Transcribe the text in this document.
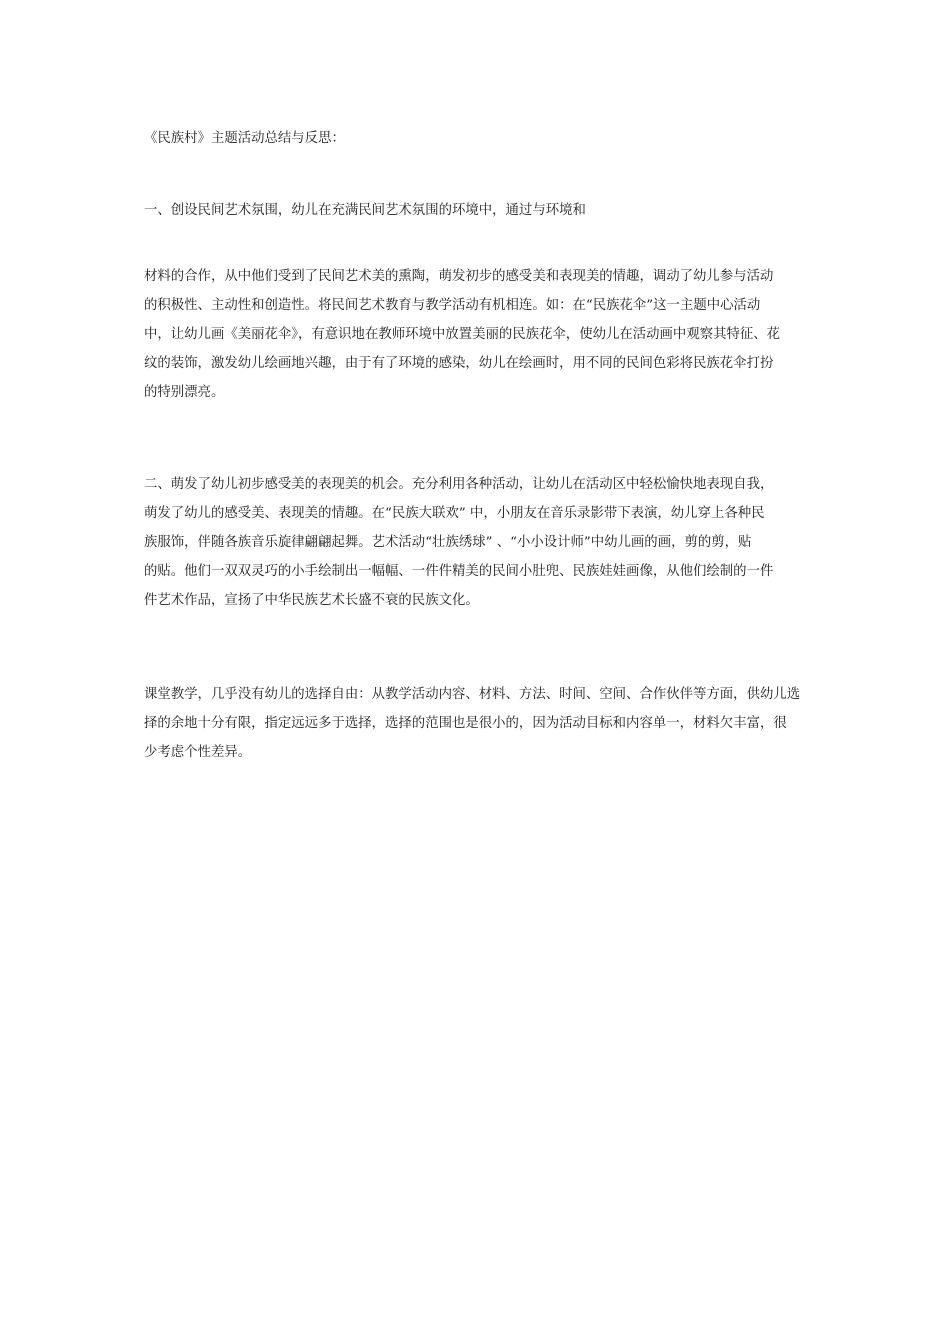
《民族村》主题活动总结与反思：

一、创设民间艺术氛围，幼儿在充满民间艺术氛围的环境中，通过与环境和

材料的合作，从中他们受到了民间艺术美的熏陶，萌发初步的感受美和表现美的情趣，调动了幼儿参与活动
的积极性、主动性和创造性。将民间艺术教育与教学活动有机相连。如：在“民族花伞”这一主题中心活动
中，让幼儿画《美丽花伞》，有意识地在教师环境中放置美丽的民族花伞，使幼儿在活动画中观察其特征、花
纹的装饰，激发幼儿绘画地兴趣，由于有了环境的感染，幼儿在绘画时，用不同的民间色彩将民族花伞打扮
的特别漂亮。

二、萌发了幼儿初步感受美的表现美的机会。充分利用各种活动，让幼儿在活动区中轻松愉快地表现自我，
萌发了幼儿的感受美、表现美的情趣。在“民族大联欢” 中，小朋友在音乐录影带下表演，幼儿穿上各种民
族服饰，伴随各族音乐旋律翩翩起舞。艺术活动“壮族绣球” 、“小小设计师”中幼儿画的画，剪的剪，贴
的贴。他们一双双灵巧的小手绘制出一幅幅、一件件精美的民间小肚兜、民族娃娃画像，从他们绘制的一件
件艺术作品，宣扬了中华民族艺术长盛不衰的民族文化。

课堂教学，几乎没有幼儿的选择自由：从教学活动内容、材料、方法、时间、空间、合作伙伴等方面，供幼儿选
择的余地十分有限，指定远远多于选择，选择的范围也是很小的，因为活动目标和内容单一，材料欠丰富，很
少考虑个性差异。
